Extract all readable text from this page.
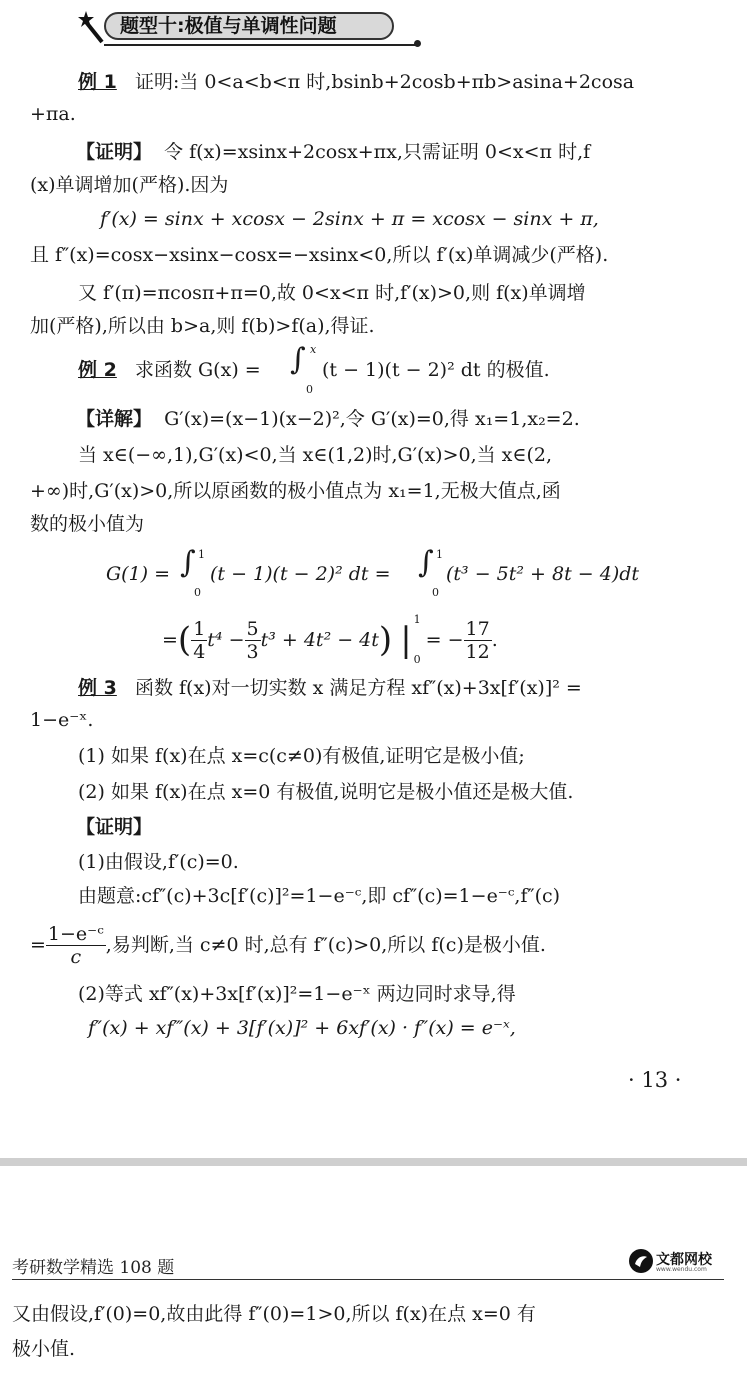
题型十:极值与单调性问题
例 1 证明:当 0<a<b<π 时,bsinb+2cosb+πb>asina+2cosa
+πa.
【证明】 令 f(x)=xsinx+2cosx+πx,只需证明 0<x<π 时,f
(x)单调增加(严格).因为
f′(x) = sinx + xcosx − 2sinx + π = xcosx − sinx + π,
且 f″(x)=cosx−xsinx−cosx=−xsinx<0,所以 f′(x)单调减少(严格).
又 f′(π)=πcosπ+π=0,故 0<x<π 时,f′(x)>0,则 f(x)单调增
加(严格),所以由 b>a,则 f(b)>f(a),得证.
例 2 求函数 G(x) = ∫ x
0
(t − 1)(t − 2)² dt 的极值.
【详解】 G′(x)=(x−1)(x−2)²,令 G′(x)=0,得 x₁=1,x₂=2.
当 x∈(−∞,1),G′(x)<0,当 x∈(1,2)时,G′(x)>0,当 x∈(2,
+∞)时,G′(x)>0,所以原函数的极小值点为 x₁=1,无极大值点,函
数的极小值为
G(1) = ∫ 1
0
(t − 1)(t − 2)² dt = ∫ 1
0
(t³ − 5t² + 8t − 4)dt
= ( $\frac{1}{4} t^4 - \frac{5}{3} t^3 + 4t^2 - 4t$ ) |
1
0
= − $\frac{17}{12}$ .
例 3 函数 f(x)对一切实数 x 满足方程 xf″(x)+3x[f′(x)]² =
1−e⁻ˣ.
(1) 如果 f(x)在点 x=c(c≠0)有极值,证明它是极小值;
(2) 如果 f(x)在点 x=0 有极值,说明它是极小值还是极大值.
【证明】
(1)由假设,f′(c)=0.
由题意:cf″(c)+3c[f′(c)]²=1−e⁻ᶜ,即 cf″(c)=1−e⁻ᶜ,f″(c)
= $\frac{\text{1−e⁻ᶜ}}{c}$ ,易判断,当 c≠0 时,总有 f″(c)>0,所以 f(c)是极小值.
(2)等式 xf″(x)+3x[f′(x)]²=1−e⁻ˣ 两边同时求导,得
f″(x) + xf‴(x) + 3[f′(x)]² + 6xf′(x) · f″(x) = e⁻ˣ,
· 13 ·
考研数学精选 108 题	文都网校
www.wendu.com
又由假设,f′(0)=0,故由此得 f″(0)=1>0,所以 f(x)在点 x=0 有
极小值.
